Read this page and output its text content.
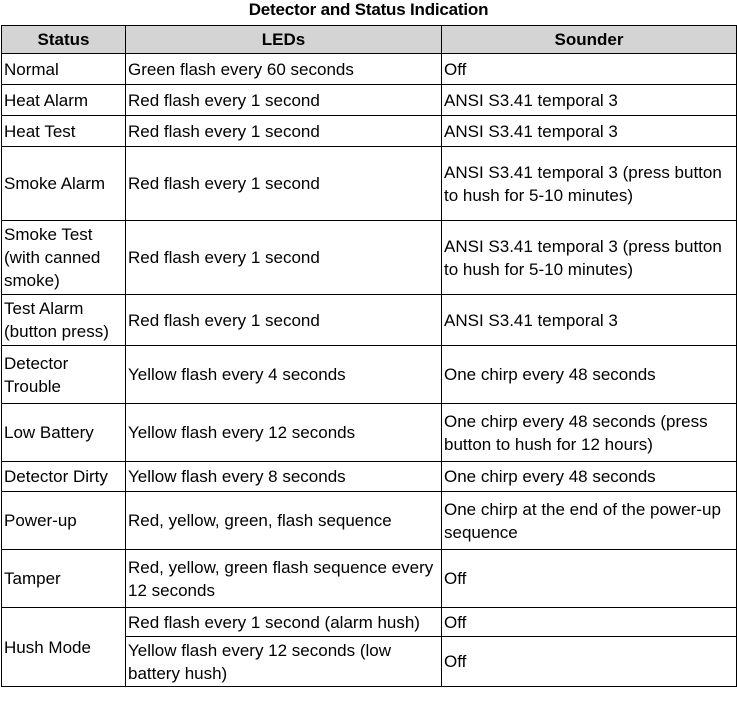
Detector and Status Indication
Status	LEDs	Sounder
Normal	Green flash every 60 seconds	Off
Heat Alarm	Red flash every 1 second	ANSI S3.41 temporal 3
Heat Test	Red flash every 1 second	ANSI S3.41 temporal 3
Smoke Alarm	Red flash every 1 second	ANSI S3.41 temporal 3 (press button to hush for 5-10 minutes)
Smoke Test (with canned smoke)	Red flash every 1 second	ANSI S3.41 temporal 3 (press button to hush for 5-10 minutes)
Test Alarm (button press)	Red flash every 1 second	ANSI S3.41 temporal 3
Detector Trouble	Yellow flash every 4 seconds	One chirp every 48 seconds
Low Battery	Yellow flash every 12 seconds	One chirp every 48 seconds (press button to hush for 12 hours)
Detector Dirty	Yellow flash every 8 seconds	One chirp every 48 seconds
Power-up	Red, yellow, green, flash sequence	One chirp at the end of the power-up sequence
Tamper	Red, yellow, green flash sequence every 12 seconds	Off
Hush Mode	Red flash every 1 second (alarm hush)	Off
	Yellow flash every 12 seconds (low battery hush)	Off
